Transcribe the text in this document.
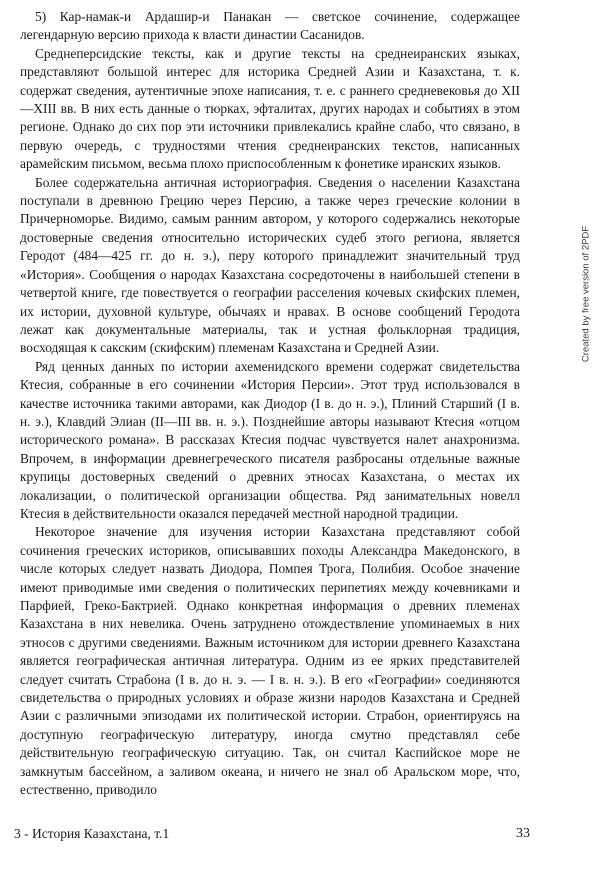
5) Кар-намак-и Ардашир-и Панакан — светское сочинение, содержащее легендарную версию прихода к власти династии Сасанидов.

Среднеперсидские тексты, как и другие тексты на среднеиранских языках, представляют большой интерес для историка Средней Азии и Казахстана, т. к. содержат сведения, аутентичные эпохе написания, т. е. с раннего средневековья до XII—XIII вв. В них есть данные о тюрках, эфталитах, других народах и событиях в этом регионе. Однако до сих пор эти источники привлекались крайне слабо, что связано, в первую очередь, с трудностями чтения среднеиранских текстов, написанных арамейским письмом, весьма плохо приспособленным к фонетике иранских языков.

Более содержательна античная историография. Сведения о населении Казахстана поступали в древнюю Грецию через Персию, а также через греческие колонии в Причерноморье. Видимо, самым ранним автором, у которого содержались некоторые достоверные сведения относительно исторических судеб этого региона, является Геродот (484—425 гг. до н. э.), перу которого принадлежит значительный труд «История». Сообщения о народах Казахстана сосредоточены в наибольшей степени в четвертой книге, где повествуется о географии расселения кочевых скифских племен, их истории, духовной культуре, обычаях и нравах. В основе сообщений Геродота лежат как документальные материалы, так и устная фольклорная традиция, восходящая к сакским (скифским) племенам Казахстана и Средней Азии.

Ряд ценных данных по истории ахеменидского времени содержат свидетельства Ктесия, собранные в его сочинении «История Персии». Этот труд использовался в качестве источника такими авторами, как Диодор (I в. до н. э.), Плиний Старший (I в. н. э.), Клавдий Элиан (II—III вв. н. э.). Позднейшие авторы называют Ктесия «отцом исторического романа». В рассказах Ктесия подчас чувствуется налет анахронизма. Впрочем, в информации древнегреческого писателя разбросаны отдельные важные крупицы достоверных сведений о древних этносах Казахстана, о местах их локализации, о политической организации общества. Ряд занимательных новелл Ктесия в действительности оказался передачей местной народной традиции.

Некоторое значение для изучения истории Казахстана представляют собой сочинения греческих историков, описывавших походы Александра Македонского, в числе которых следует назвать Диодора, Помпея Трога, Полибия. Особое значение имеют приводимые ими сведения о политических перипетиях между кочевниками и Парфией, Греко-Бактрией. Однако конкретная информация о древних племенах Казахстана в них невелика. Очень затруднено отождествление упоминаемых в них этносов с другими сведениями. Важным источником для истории древнего Казахстана является географическая античная литература. Одним из ее ярких представителей следует считать Страбона (I в. до н. э. — I в. н. э.). В его «Географии» соединяются свидетельства о природных условиях и образе жизни народов Казахстана и Средней Азии с различными эпизодами их политической истории. Страбон, ориентируясь на доступную географическую литературу, иногда смутно представлял себе действительную географическую ситуацию. Так, он считал Каспийское море не замкнутым бассейном, а заливом океана, и ничего не знал об Аральском море, что, естественно, приводило

3 - История Казахстана, т.1	33
Created by free version of 2PDF
